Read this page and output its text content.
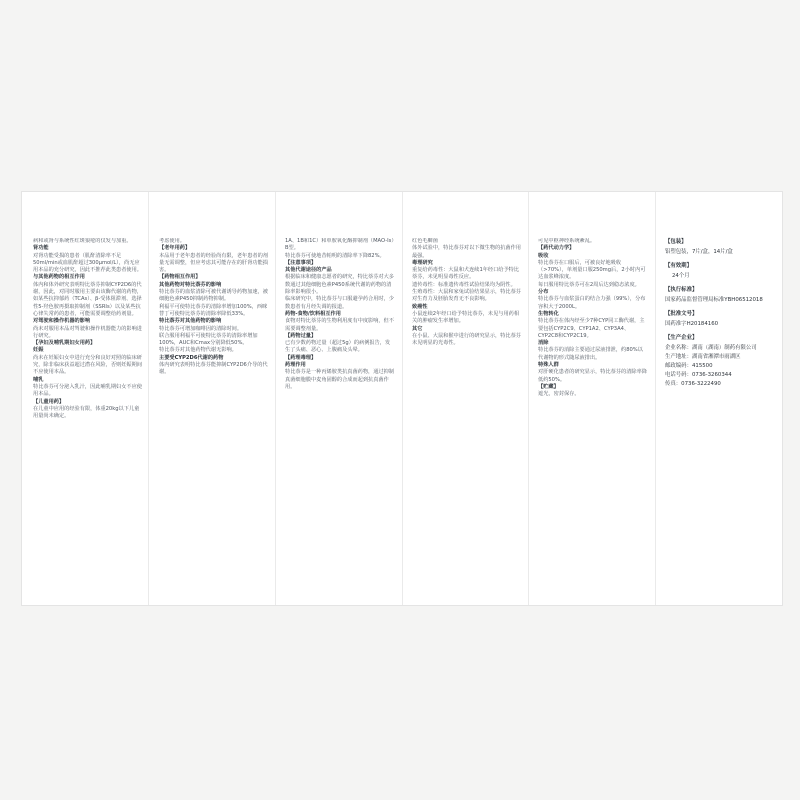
病和或肾与系统性红斑狼疮的仅发与加重。

肾功能

对肾功能受损的患者（肌酐清除率不足50ml/min或血肌酐超过300μmol/L），尚无应用本品的充分研究，因此不推荐此类患者使用。

与其他药物的相互作用

体内和体外研究表明特比萘芬抑制CYP2D6的代谢，因此，对同时服用主要由该酶代谢的药物，如某些抗抑郁药（TCAs）、β-受体阻滞剂、选择性5-羟色胺再摄取抑制剂（SSRIs）以及某些抗心律失常药的患者，可能需要调整给药剂量。

对驾驶和操作机器的影响

尚未对服用本品对驾驶和操作机器能力的影响进行研究。

【孕妇及哺乳期妇女用药】

妊娠

尚未在妊娠妇女中进行充分和良好对照的临床研究，除非临床获益超过潜在风险，否则妊娠期间不应使用本品。

哺乳

特比萘芬可分泌入乳汁，因此哺乳期妇女不应使用本品。

【儿童用药】

在儿童中应用的经验有限，体重20kg以下儿童用量尚未确定。

考虑使用。

【老年用药】

本品用于老年患者的经验尚有限，老年患者的剂量无需调整，但应考虑其可能存在的肝肾功能损害。

【药物相互作用】

其他药物对特比萘芬的影响

特比萘芬的血浆清除可被代谢诱导药物加速，被细胞色素P450抑制药物抑制。

利福平可使特比萘芬的清除率增加100%，西咪替丁可使特比萘芬的清除率降低33%。

特比萘芬对其他药物的影响

特比萘芬可增加咖啡因的清除时间。

联合服用利福平可使特比萘芬的清除率增加100%，AUC和Cmax分别降低50%。

特比萘芬对其他药物代谢无影响。

主要受CYP2D6代谢的药物

体内研究表明特比萘芬能抑制CYP2D6介导的代谢。

1A、1B和1C）和单胺氧化酶抑制剂（MAO-Is）B型。

特比萘芬可使地昔帕明的清除率下降82%。

【注意事项】

其他代谢途径的产品

根据临床和健康志愿者的研究，特比萘芬对大多数通过其他细胞色素P450系统代谢的药物的清除率影响很小。

临床研究中，特比萘芬与口服避孕药合用时，少数患者有月经失调的报道。

药物-食物/饮料相互作用

食物对特比萘芬的生物利用度有中度影响，但不需要调整剂量。

【药物过量】

已有少数药物过量（超过5g）的病例报告，发生了头痛、恶心、上腹痛及头晕。

【药理毒理】

药理作用

特比萘芬是一种丙烯胺类抗真菌药物，通过抑制真菌细胞膜中麦角固醇的合成而起到抗真菌作用。

红色毛癣菌

体外试验中，特比萘芬对以下微生物的抗菌作用最强。

毒理研究

重复给药毒性：大鼠和犬连续1年经口给予特比萘芬，未见明显毒性反应。

遗传毒性：标准遗传毒性试验结果均为阴性。

生殖毒性：大鼠和家兔试验结果显示，特比萘芬对生育力及胚胎发育无不良影响。

致癌性

小鼠连续2年经口给予特比萘芬，未见与用药相关的肿瘤发生率增加。

其它

在小鼠、大鼠和猴中进行的研究显示，特比萘芬未见明显的光毒性。

可见中枢神经系统紊乱。

【药代动力学】

吸收

特比萘芬在口服后，可被良好地吸收（>70%），单剂量口服250mg后，2小时内可达血浆峰浓度。

每日服用特比萘芬可在2周后达到稳态浓度。

分布

特比萘芬与血浆蛋白的结合力强（99%），分布容积大于2000L。

生物转化

特比萘芬在体内经至少7种CYP同工酶代谢，主要包括CYP2C9、CYP1A2、CYP3A4、CYP2C8和CYP2C19。

消除

特比萘芬的消除主要通过尿液排泄，约80%以代谢物的形式随尿液排出。

特殊人群

对肝硬化患者的研究显示，特比萘芬的清除率降低约50%。

【贮藏】

遮光，密封保存。

【包装】
铝塑包装，7片/盒，14片/盒
【有效期】
24个月
【执行标准】
国家药品监督管理局标准YBH06512018
【批准文号】
国药准字H20184160
【生产企业】
企业名称：湖南（湖南）制药有限公司
生产地址：湖南省湘潭市雨湖区
邮政编码：415500
电话号码：0736-3260344
传真：0736-3222490
